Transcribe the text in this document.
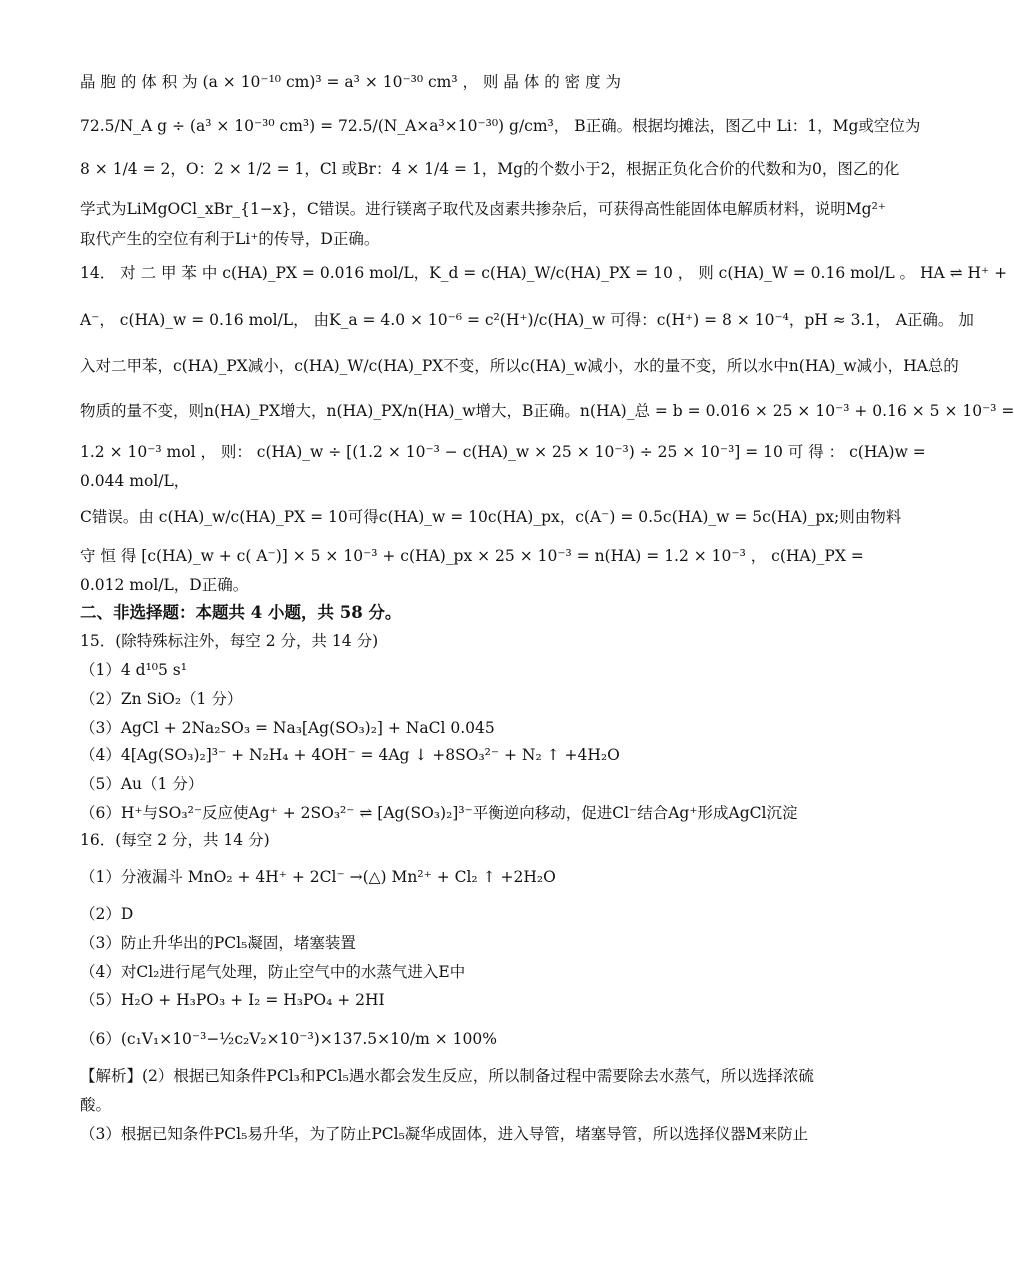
晶 胞 的 体 积 为 (a × 10⁻¹⁰ cm)³ = a³ × 10⁻³⁰ cm³ ， 则 晶 体 的 密 度 为
72.5/N_A g ÷ (a³ × 10⁻³⁰ cm³) = 72.5/(N_A×a³×10⁻³⁰) g/cm³， B正确。根据均摊法，图乙中 Li：1，Mg或空位为
8 × 1/4 = 2，O：2 × 1/2 = 1，Cl 或Br：4 × 1/4 = 1，Mg的个数小于2，根据正负化合价的代数和为0，图乙的化
学式为LiMgOCl_xBr_{1−x}，C错误。进行镁离子取代及卤素共掺杂后，可获得高性能固体电解质材料，说明Mg²⁺
取代产生的空位有利于Li⁺的传导，D正确。
14． 对 二 甲 苯 中 c(HA)_PX = 0.016 mol/L，K_d = c(HA)_W/c(HA)_PX = 10 ， 则 c(HA)_W = 0.16 mol/L 。 HA ⇌ H⁺ +
A⁻， c(HA)_w = 0.16 mol/L， 由K_a = 4.0 × 10⁻⁶ = c²(H⁺)/c(HA)_w 可得：c(H⁺) = 8 × 10⁻⁴，pH ≈ 3.1， A正确。 加
入对二甲苯，c(HA)_PX减小，c(HA)_W/c(HA)_PX不变，所以c(HA)_w减小，水的量不变，所以水中n(HA)_w减小，HA总的
物质的量不变，则n(HA)_PX增大，n(HA)_PX/n(HA)_w增大，B正确。n(HA)_总 = b = 0.016 × 25 × 10⁻³ + 0.16 × 5 × 10⁻³ =
1.2 × 10⁻³ mol ， 则： c(HA)_w ÷ [(1.2 × 10⁻³ − c(HA)_w × 25 × 10⁻³) ÷ 25 × 10⁻³] = 10 可 得 ： c(HA)w =
0.044 mol/L，
C错误。由 c(HA)_w/c(HA)_PX = 10可得c(HA)_w = 10c(HA)_px，c(A⁻) = 0.5c(HA)_w = 5c(HA)_px;则由物料
守 恒 得 [c(HA)_w + c( A⁻)] × 5 × 10⁻³ + c(HA)_px × 25 × 10⁻³ = n(HA) = 1.2 × 10⁻³ ， c(HA)_PX =
0.012 mol/L，D正确。
二、非选择题：本题共 4 小题，共 58 分。
15．(除特殊标注外，每空 2 分，共 14 分)
（1）4 d¹⁰5 s¹
（2）Zn SiO₂（1 分）
（3）AgCl + 2Na₂SO₃ = Na₃[Ag(SO₃)₂] + NaCl 0.045
（4）4[Ag(SO₃)₂]³⁻ + N₂H₄ + 4OH⁻ = 4Ag ↓ +8SO₃²⁻ + N₂ ↑ +4H₂O
（5）Au（1 分）
（6）H⁺与SO₃²⁻反应使Ag⁺ + 2SO₃²⁻ ⇌ [Ag(SO₃)₂]³⁻平衡逆向移动，促进Cl⁻结合Ag⁺形成AgCl沉淀
16．(每空 2 分，共 14 分)
（1）分液漏斗 MnO₂ + 4H⁺ + 2Cl⁻ →(△) Mn²⁺ + Cl₂ ↑ +2H₂O
（2）D
（3）防止升华出的PCl₅凝固，堵塞装置
（4）对Cl₂进行尾气处理，防止空气中的水蒸气进入E中
（5）H₂O + H₃PO₃ + I₂ = H₃PO₄ + 2HI
（6）(c₁V₁×10⁻³−½c₂V₂×10⁻³)×137.5×10/m × 100%
【解析】(2）根据已知条件PCl₃和PCl₅遇水都会发生反应，所以制备过程中需要除去水蒸气，所以选择浓硫
酸。
（3）根据已知条件PCl₅易升华，为了防止PCl₅凝华成固体，进入导管，堵塞导管，所以选择仪器M来防止
